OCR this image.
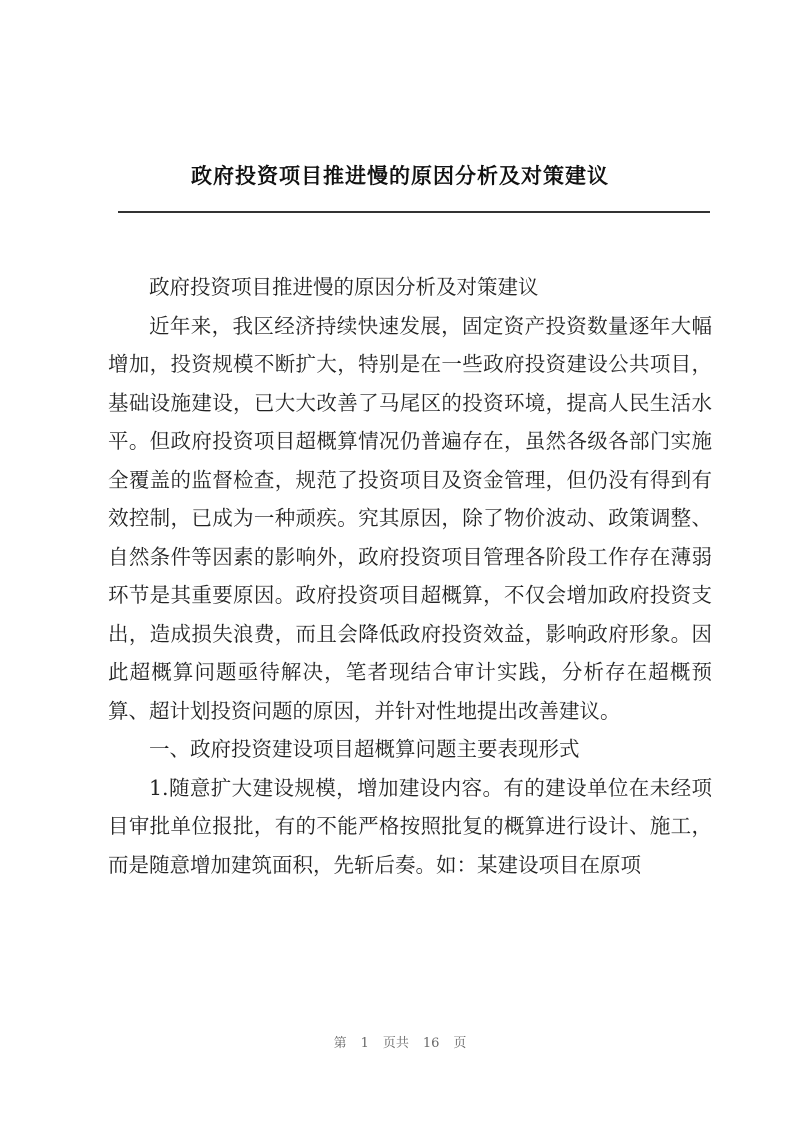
政府投资项目推进慢的原因分析及对策建议

政府投资项目推进慢的原因分析及对策建议

近年来，我区经济持续快速发展，固定资产投资数量逐年大幅增加，投资规模不断扩大，特别是在一些政府投资建设公共项目，基础设施建设，已大大改善了马尾区的投资环境，提高人民生活水平。但政府投资项目超概算情况仍普遍存在，虽然各级各部门实施全覆盖的监督检查，规范了投资项目及资金管理，但仍没有得到有效控制，已成为一种顽疾。究其原因，除了物价波动、政策调整、自然条件等因素的影响外，政府投资项目管理各阶段工作存在薄弱环节是其重要原因。政府投资项目超概算，不仅会增加政府投资支出，造成损失浪费，而且会降低政府投资效益，影响政府形象。因此超概算问题亟待解决，笔者现结合审计实践，分析存在超概预算、超计划投资问题的原因，并针对性地提出改善建议。

一、政府投资建设项目超概算问题主要表现形式

1.随意扩大建设规模，增加建设内容。有的建设单位在未经项目审批单位报批，有的不能严格按照批复的概算进行设计、施工，而是随意增加建筑面积，先斩后奏。如：某建设项目在原项

第 1 页共 16 页
